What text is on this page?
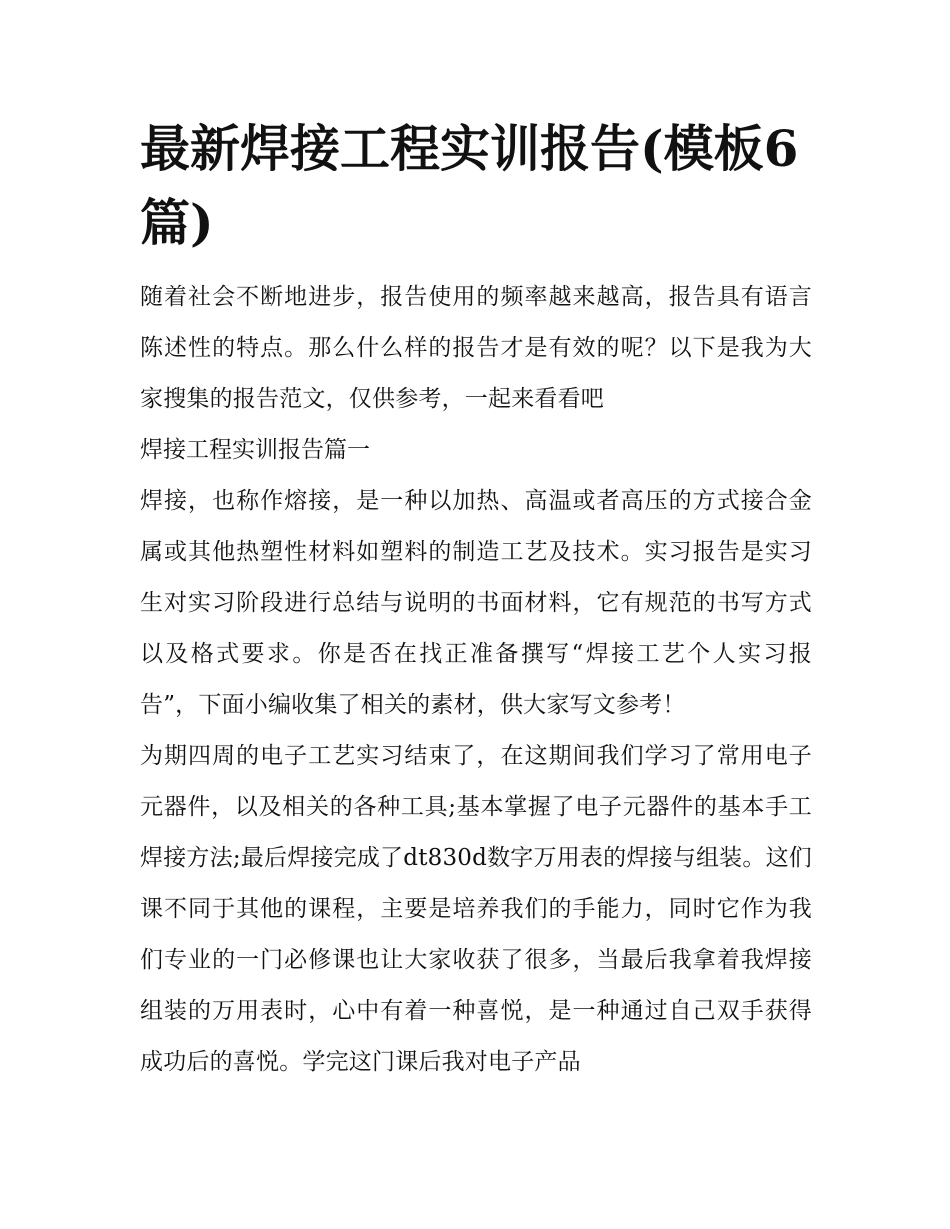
最新焊接工程实训报告(模板6篇)

随着社会不断地进步，报告使用的频率越来越高，报告具有语言陈述性的特点。那么什么样的报告才是有效的呢？以下是我为大家搜集的报告范文，仅供参考，一起来看看吧

焊接工程实训报告篇一

焊接，也称作熔接，是一种以加热、高温或者高压的方式接合金属或其他热塑性材料如塑料的制造工艺及技术。实习报告是实习生对实习阶段进行总结与说明的书面材料，它有规范的书写方式以及格式要求。你是否在找正准备撰写“焊接工艺个人实习报告”，下面小编收集了相关的素材，供大家写文参考！

为期四周的电子工艺实习结束了，在这期间我们学习了常用电子元器件，以及相关的各种工具;基本掌握了电子元器件的基本手工焊接方法;最后焊接完成了dt830d数字万用表的焊接与组装。这们课不同于其他的课程，主要是培养我们的手能力，同时它作为我们专业的一门必修课也让大家收获了很多，当最后我拿着我焊接组装的万用表时，心中有着一种喜悦，是一种通过自己双手获得成功后的喜悦。学完这门课后我对电子产品
